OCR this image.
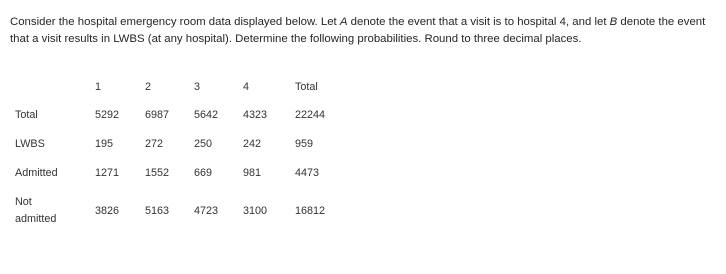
Consider the hospital emergency room data displayed below. Let A denote the event that a visit is to hospital 4, and let B denote the event that a visit results in LWBS (at any hospital). Determine the following probabilities. Round to three decimal places.
	1	2	3	4	Total
Total	5292	6987	5642	4323	22244
LWBS	195	272	250	242	959
Admitted	1271	1552	669	981	4473
Not
admitted	3826	5163	4723	3100	16812
